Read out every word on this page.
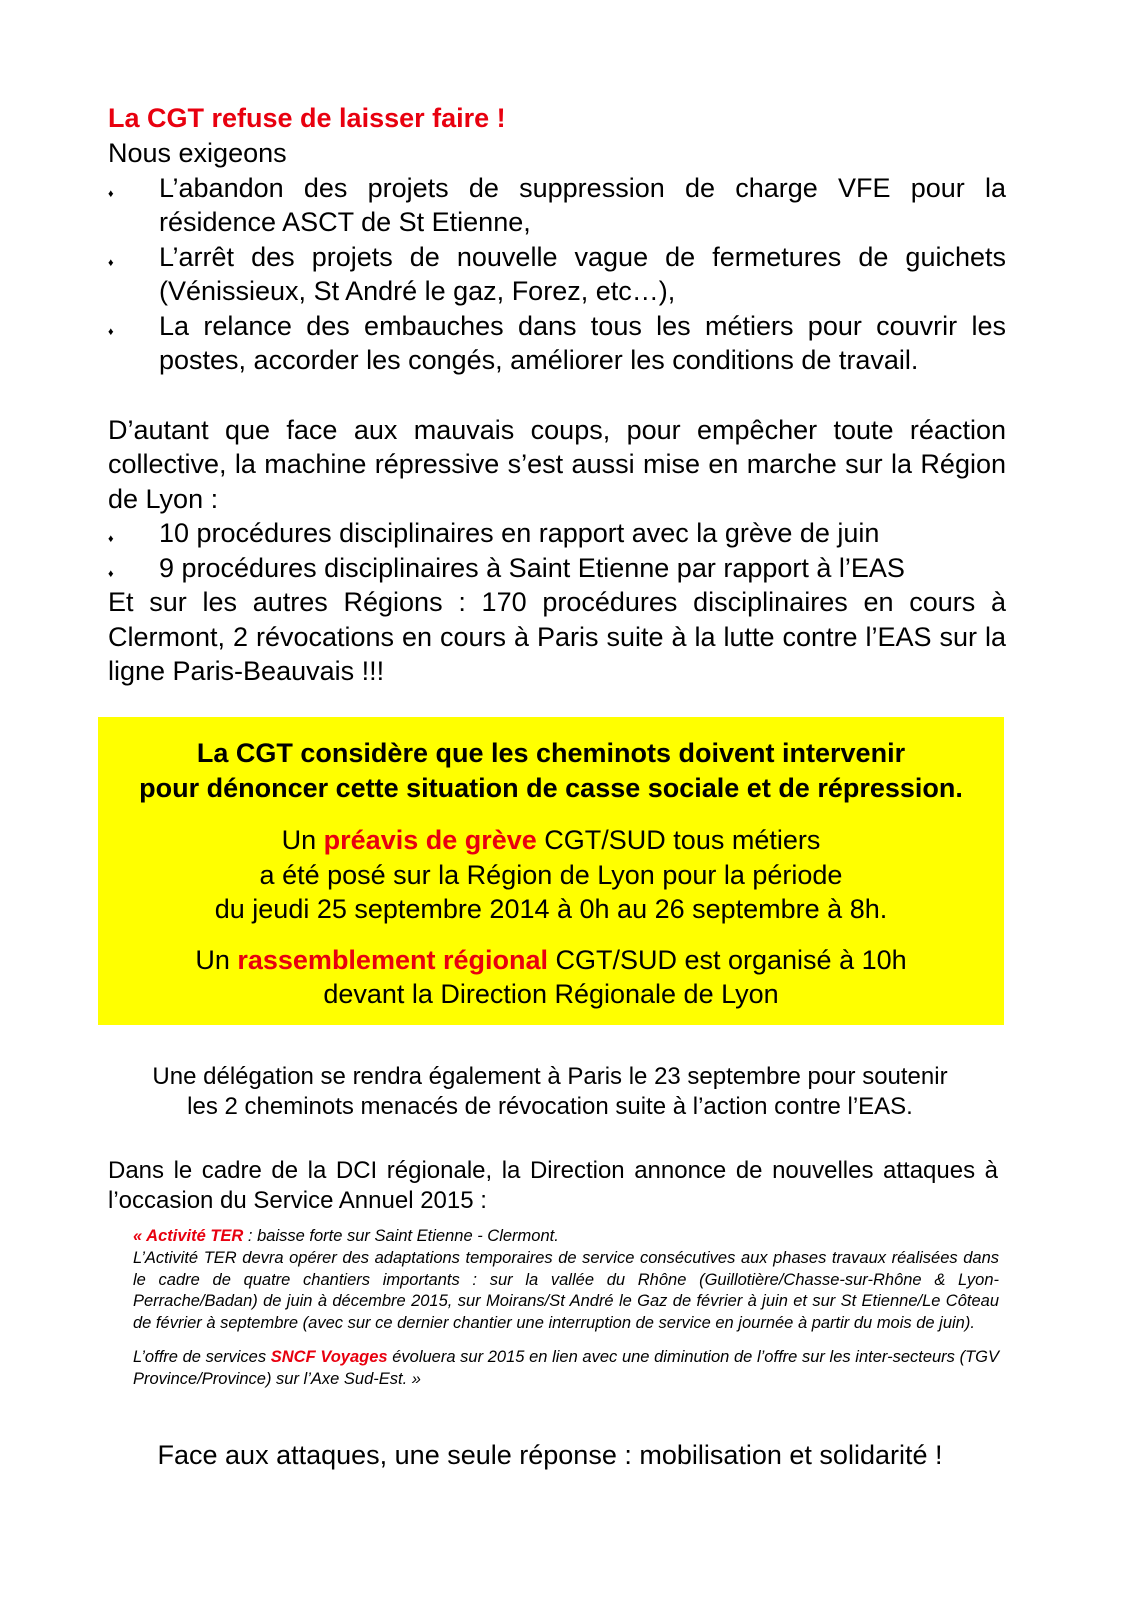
La CGT refuse de laisser faire !

Nous exigeons

♦	L’abandon des projets de suppression de charge VFE pour la résidence ASCT de St Etienne,
♦	L’arrêt des projets de nouvelle vague de fermetures de guichets (Vénissieux, St André le gaz, Forez, etc…),
♦	La relance des embauches dans tous les métiers pour couvrir les postes, accorder les congés, améliorer les conditions de travail.

D’autant que face aux mauvais coups, pour empêcher toute réaction collective, la machine répressive s’est aussi mise en marche sur la Région de Lyon :

♦	10 procédures disciplinaires en rapport avec la grève de juin
♦	9 procédures disciplinaires à Saint Etienne par rapport à l’EAS

Et sur les autres Régions : 170 procédures disciplinaires en cours à Clermont, 2 révocations en cours à Paris suite à la lutte contre l’EAS sur la ligne Paris-Beauvais !!!

La CGT considère que les cheminots doivent intervenir

pour dénoncer cette situation de casse sociale et de répression.

Un préavis de grève CGT/SUD tous métiers

a été posé sur la Région de Lyon pour la période

du jeudi 25 septembre 2014 à 0h au 26 septembre à 8h.

Un rassemblement régional CGT/SUD est organisé à 10h

devant la Direction Régionale de Lyon

Une délégation se rendra également à Paris le 23 septembre pour soutenir
les 2 cheminots menacés de révocation suite à l’action contre l’EAS.
Dans le cadre de la DCI régionale, la Direction annonce de nouvelles attaques à l’occasion du Service Annuel 2015 :

« Activité TER : baisse forte sur Saint Etienne - Clermont.

L’Activité TER devra opérer des adaptations temporaires de service consécutives aux phases travaux réalisées dans le cadre de quatre chantiers importants : sur la vallée du Rhône (Guillotière/Chasse-sur-Rhône & Lyon-Perrache/Badan) de juin à décembre 2015, sur Moirans/St André le Gaz de février à juin et sur St Etienne/Le Côteau de février à septembre (avec sur ce dernier chantier une interruption de service en journée à partir du mois de juin).

L’offre de services SNCF Voyages évoluera sur 2015 en lien avec une diminution de l’offre sur les inter-secteurs (TGV Province/Province) sur l’Axe Sud-Est. »

Face aux attaques, une seule réponse : mobilisation et solidarité !
